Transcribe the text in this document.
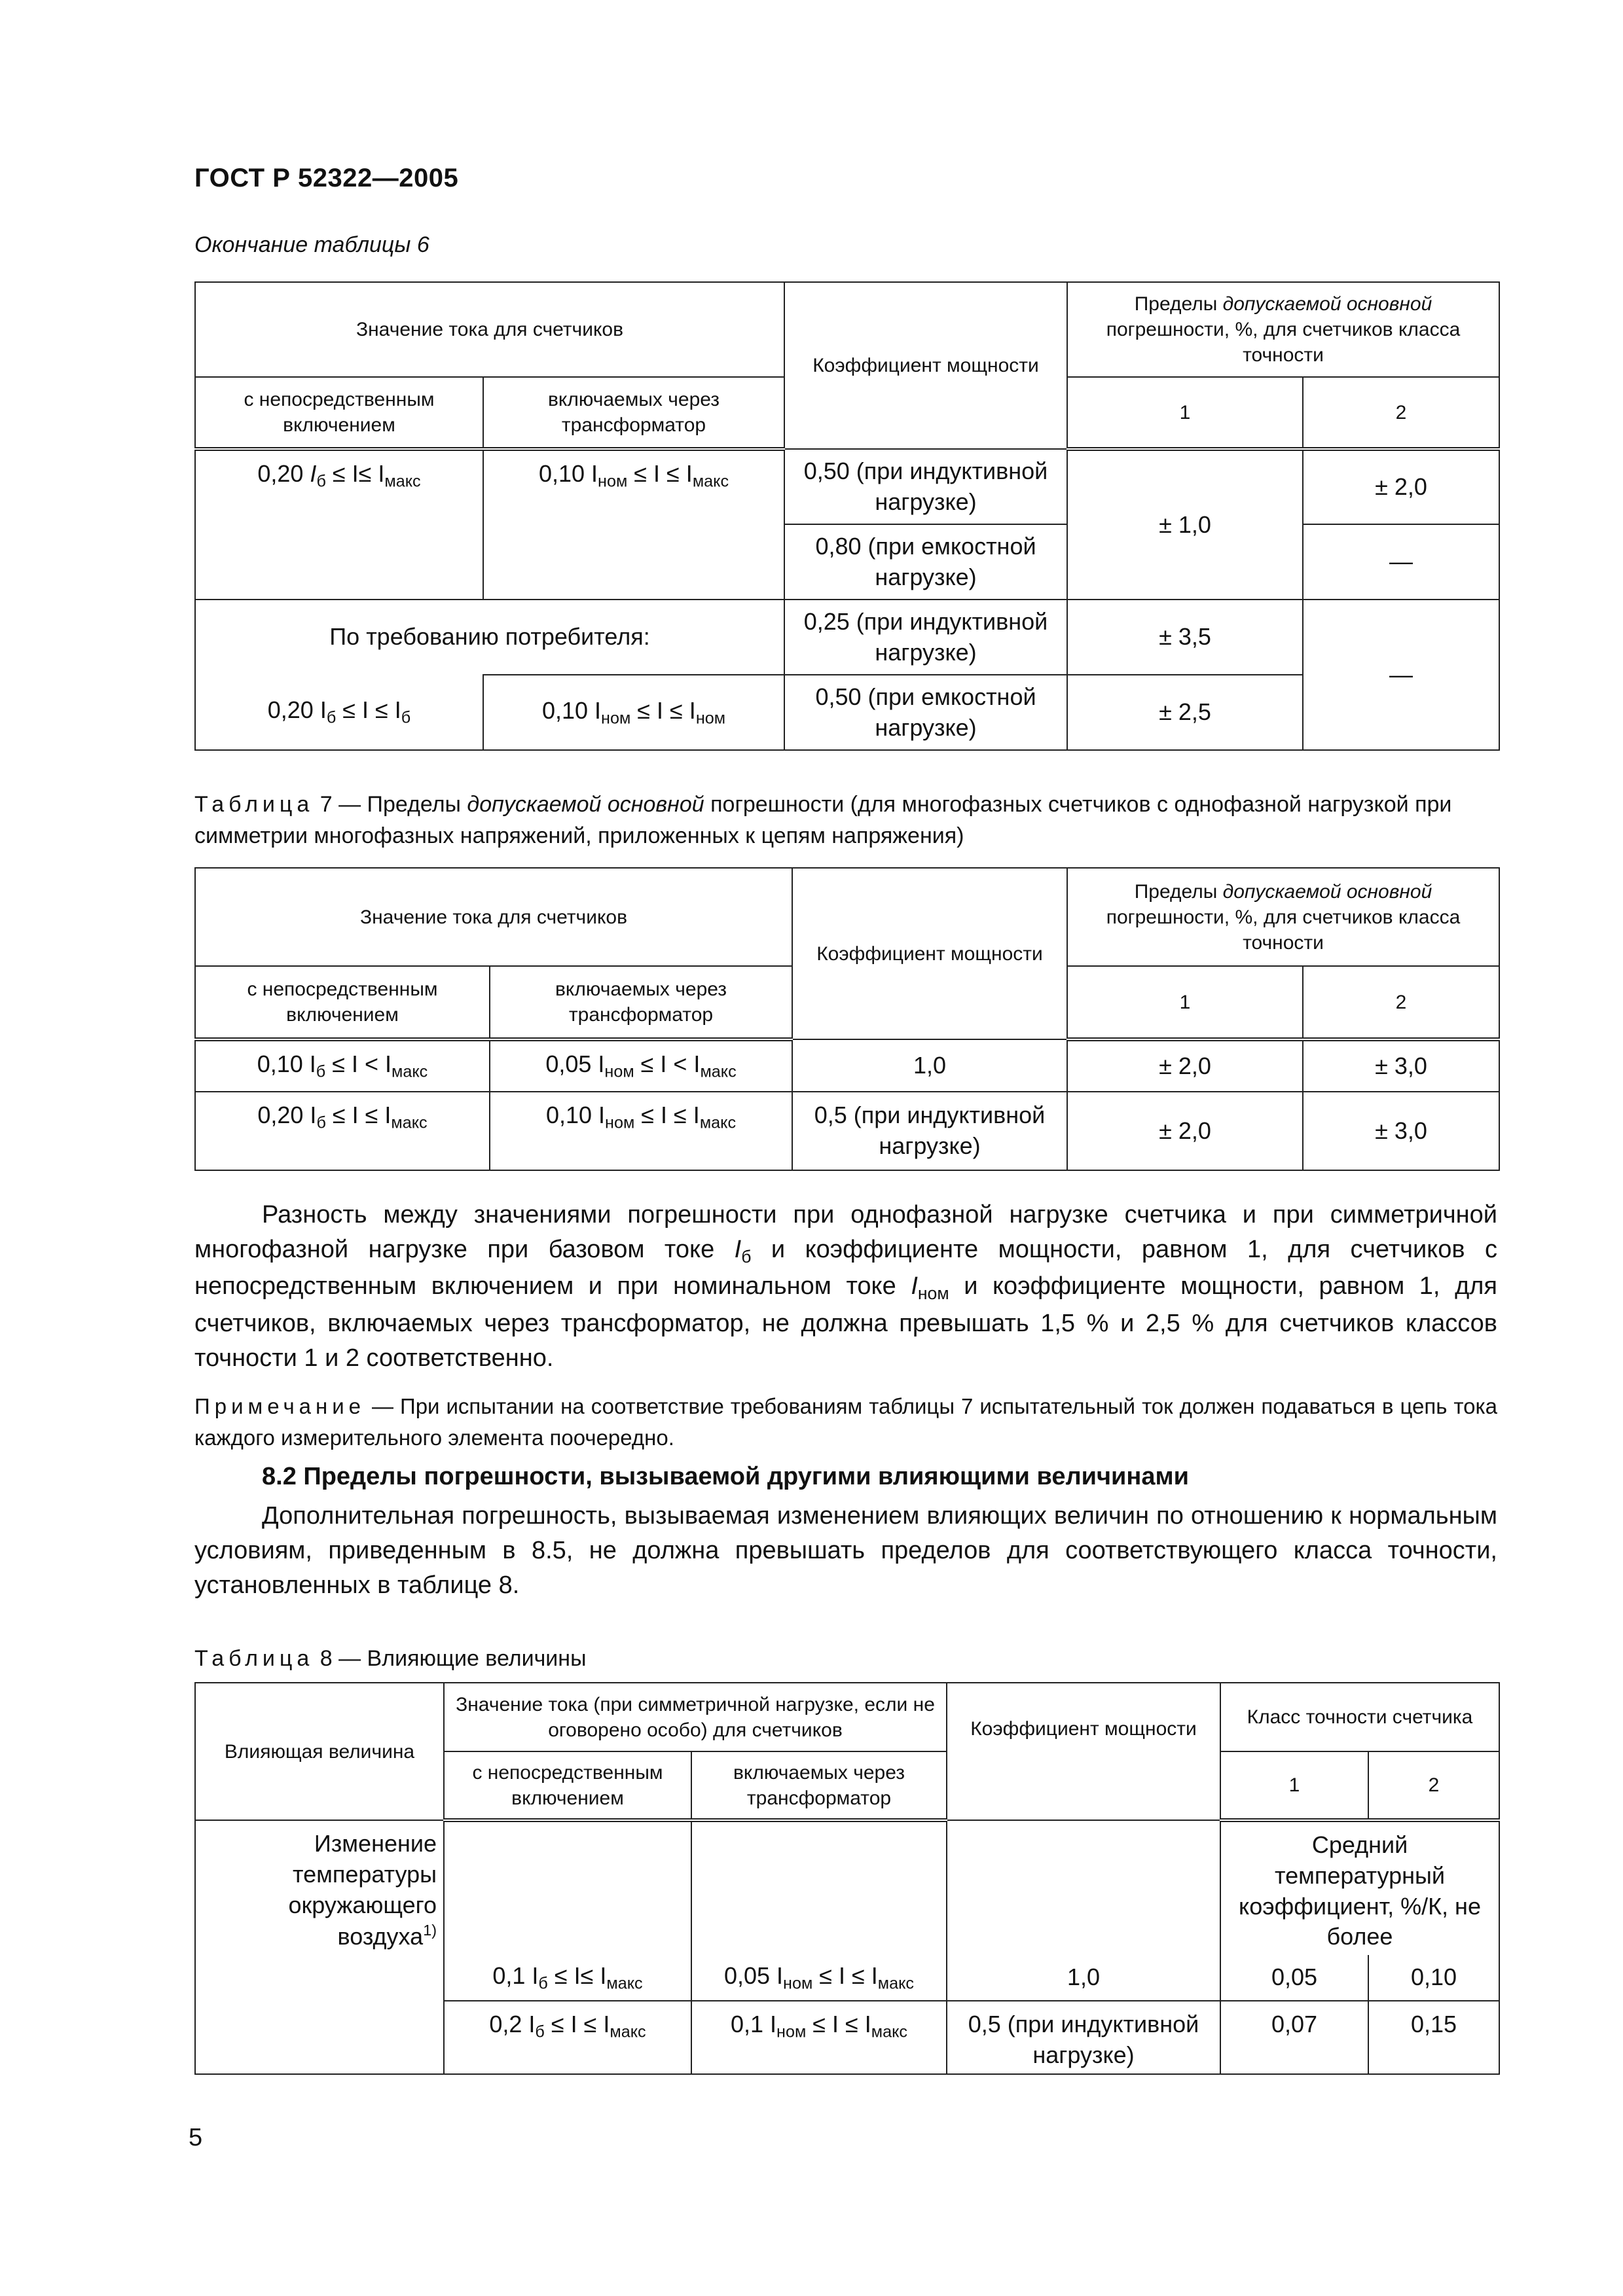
ГОСТ Р 52322—2005
Окончание таблицы 6
Значение тока для счетчиков		Коэффициент мощности	Пределы допускаемой основной погрешности, %, для счетчиков класса точности	
с непосредственным включением	включаемых через трансформатор		1	2
0,20 $I_б \le I\le I_{макс}$	0,10 $I_{ном} \le I \le I_{макс}$	0,50 (при индуктивной нагрузке)	± 1,0	± 2,0
		0,80 (при емкостной нагрузке)		—
По требованию потребителя:		0,25 (при индуктивной нагрузке)	± 3,5	—
0,20 $I_б \le I \le I_б$	0,10 $I_{ном} \le I \le I_{ном}$	0,50 (при емкостной нагрузке)	± 2,5	
Таблица 7 — Пределы допускаемой основной погрешности (для многофазных счетчиков с однофазной нагрузкой при симметрии многофазных напряжений, приложенных к цепям напряжения)
Значение тока для счетчиков		Коэффициент мощности	Пределы допускаемой основной погрешности, %, для счетчиков класса точности	
с непосредственным включением	включаемых через трансформатор		1	2
0,10 $I_б \le I < I_{макс}$	0,05 $I_{ном} \le I < I_{макс}$	1,0	± 2,0	± 3,0
0,20 $I_б \le I \le I_{макс}$	0,10 $I_{ном} \le I \le I_{макс}$	0,5 (при индуктивной нагрузке)	± 2,0	± 3,0
Разность между значениями погрешности при однофазной нагрузке счетчика и при симметричной многофазной нагрузке при базовом токе $I_б$ и коэффициенте мощности, равном 1, для счетчиков с непосредственным включением и при номинальном токе $I_{ном}$ и коэффициенте мощности, равном 1, для счетчиков, включаемых через трансформатор, не должна превышать 1,5 % и 2,5 % для счетчиков классов точности 1 и 2 соответственно.
Примечание — При испытании на соответствие требованиям таблицы 7 испытательный ток должен подаваться в цепь тока каждого измерительного элемента поочередно.
8.2 Пределы погрешности, вызываемой другими влияющими величинами
Дополнительная погрешность, вызываемая изменением влияющих величин по отношению к нормальным условиям, приведенным в 8.5, не должна превышать пределов для соответствующего класса точности, установленных в таблице 8.
Таблица 8 — Влияющие величины
Влияющая величина	Значение тока (при симметричной нагрузке, если не оговорено особо) для счетчиков		Коэффициент мощности	Класс точности счетчика	
	с непосредственным включением	включаемых через трансформатор		1	2
Изменение температуры окружающего воздуха$^{1)}$				Средний температурный коэффициент, %/К, не более	
	0,1 $I_б \le I\le I_{макс}$	0,05 $I_{ном} \le I \le I_{макс}$	1,0	0,05	0,10
	0,2 $I_б \le I \le I_{макс}$	0,1 $I_{ном} \le I \le I_{макс}$	0,5 (при индуктивной нагрузке)	0,07	0,15
5
